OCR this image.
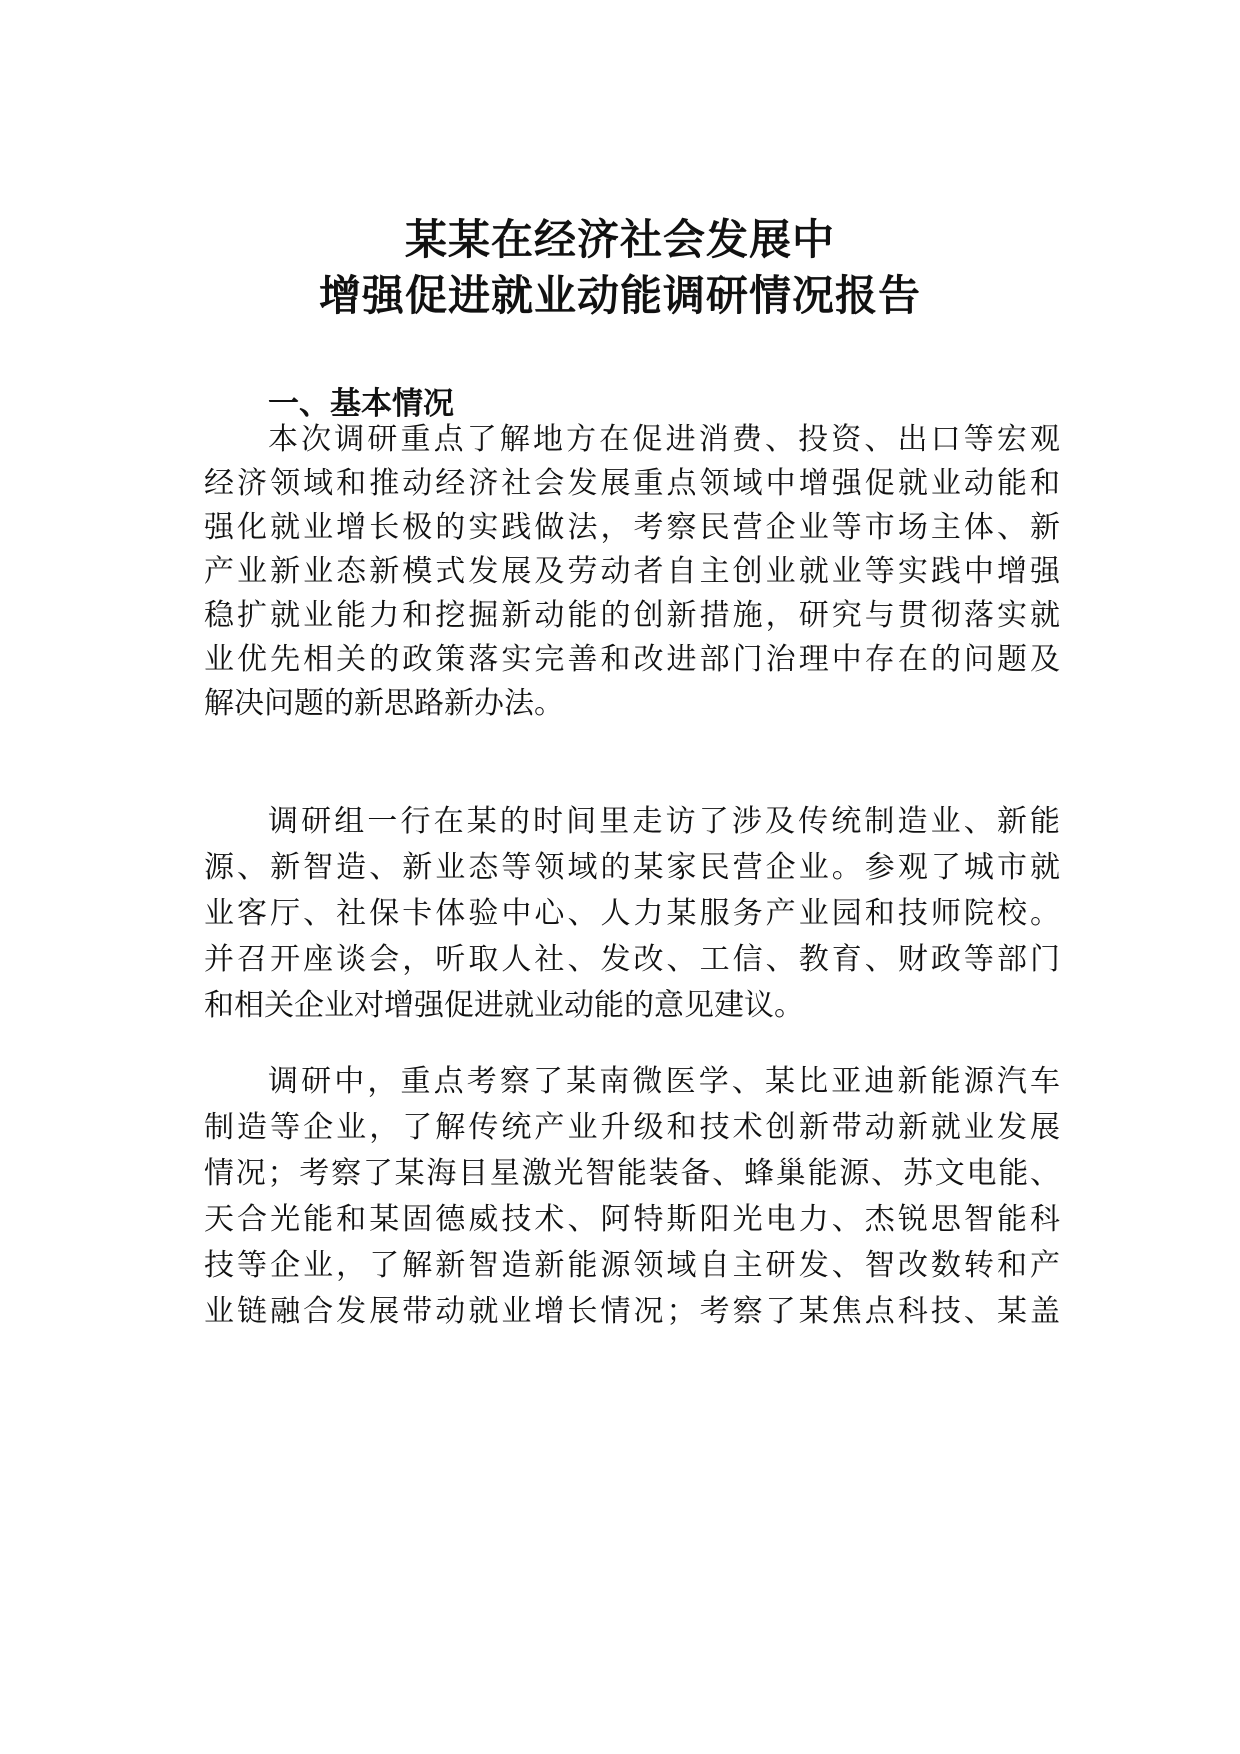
某某在经济社会发展中
增强促进就业动能调研情况报告
一、基本情况
本次调研重点了解地方在促进消费、投资、出口等宏观
经济领域和推动经济社会发展重点领域中增强促就业动能和
强化就业增长极的实践做法，考察民营企业等市场主体、新
产业新业态新模式发展及劳动者自主创业就业等实践中增强
稳扩就业能力和挖掘新动能的创新措施，研究与贯彻落实就
业优先相关的政策落实完善和改进部门治理中存在的问题及
解决问题的新思路新办法。
调研组一行在某的时间里走访了涉及传统制造业、新能
源、新智造、新业态等领域的某家民营企业。参观了城市就
业客厅、社保卡体验中心、人力某服务产业园和技师院校。
并召开座谈会，听取人社、发改、工信、教育、财政等部门
和相关企业对增强促进就业动能的意见建议。
调研中，重点考察了某南微医学、某比亚迪新能源汽车
制造等企业，了解传统产业升级和技术创新带动新就业发展
情况；考察了某海目星激光智能装备、蜂巢能源、苏文电能、
天合光能和某固德威技术、阿特斯阳光电力、杰锐思智能科
技等企业，了解新智造新能源领域自主研发、智改数转和产
业链融合发展带动就业增长情况；考察了某焦点科技、某盖
